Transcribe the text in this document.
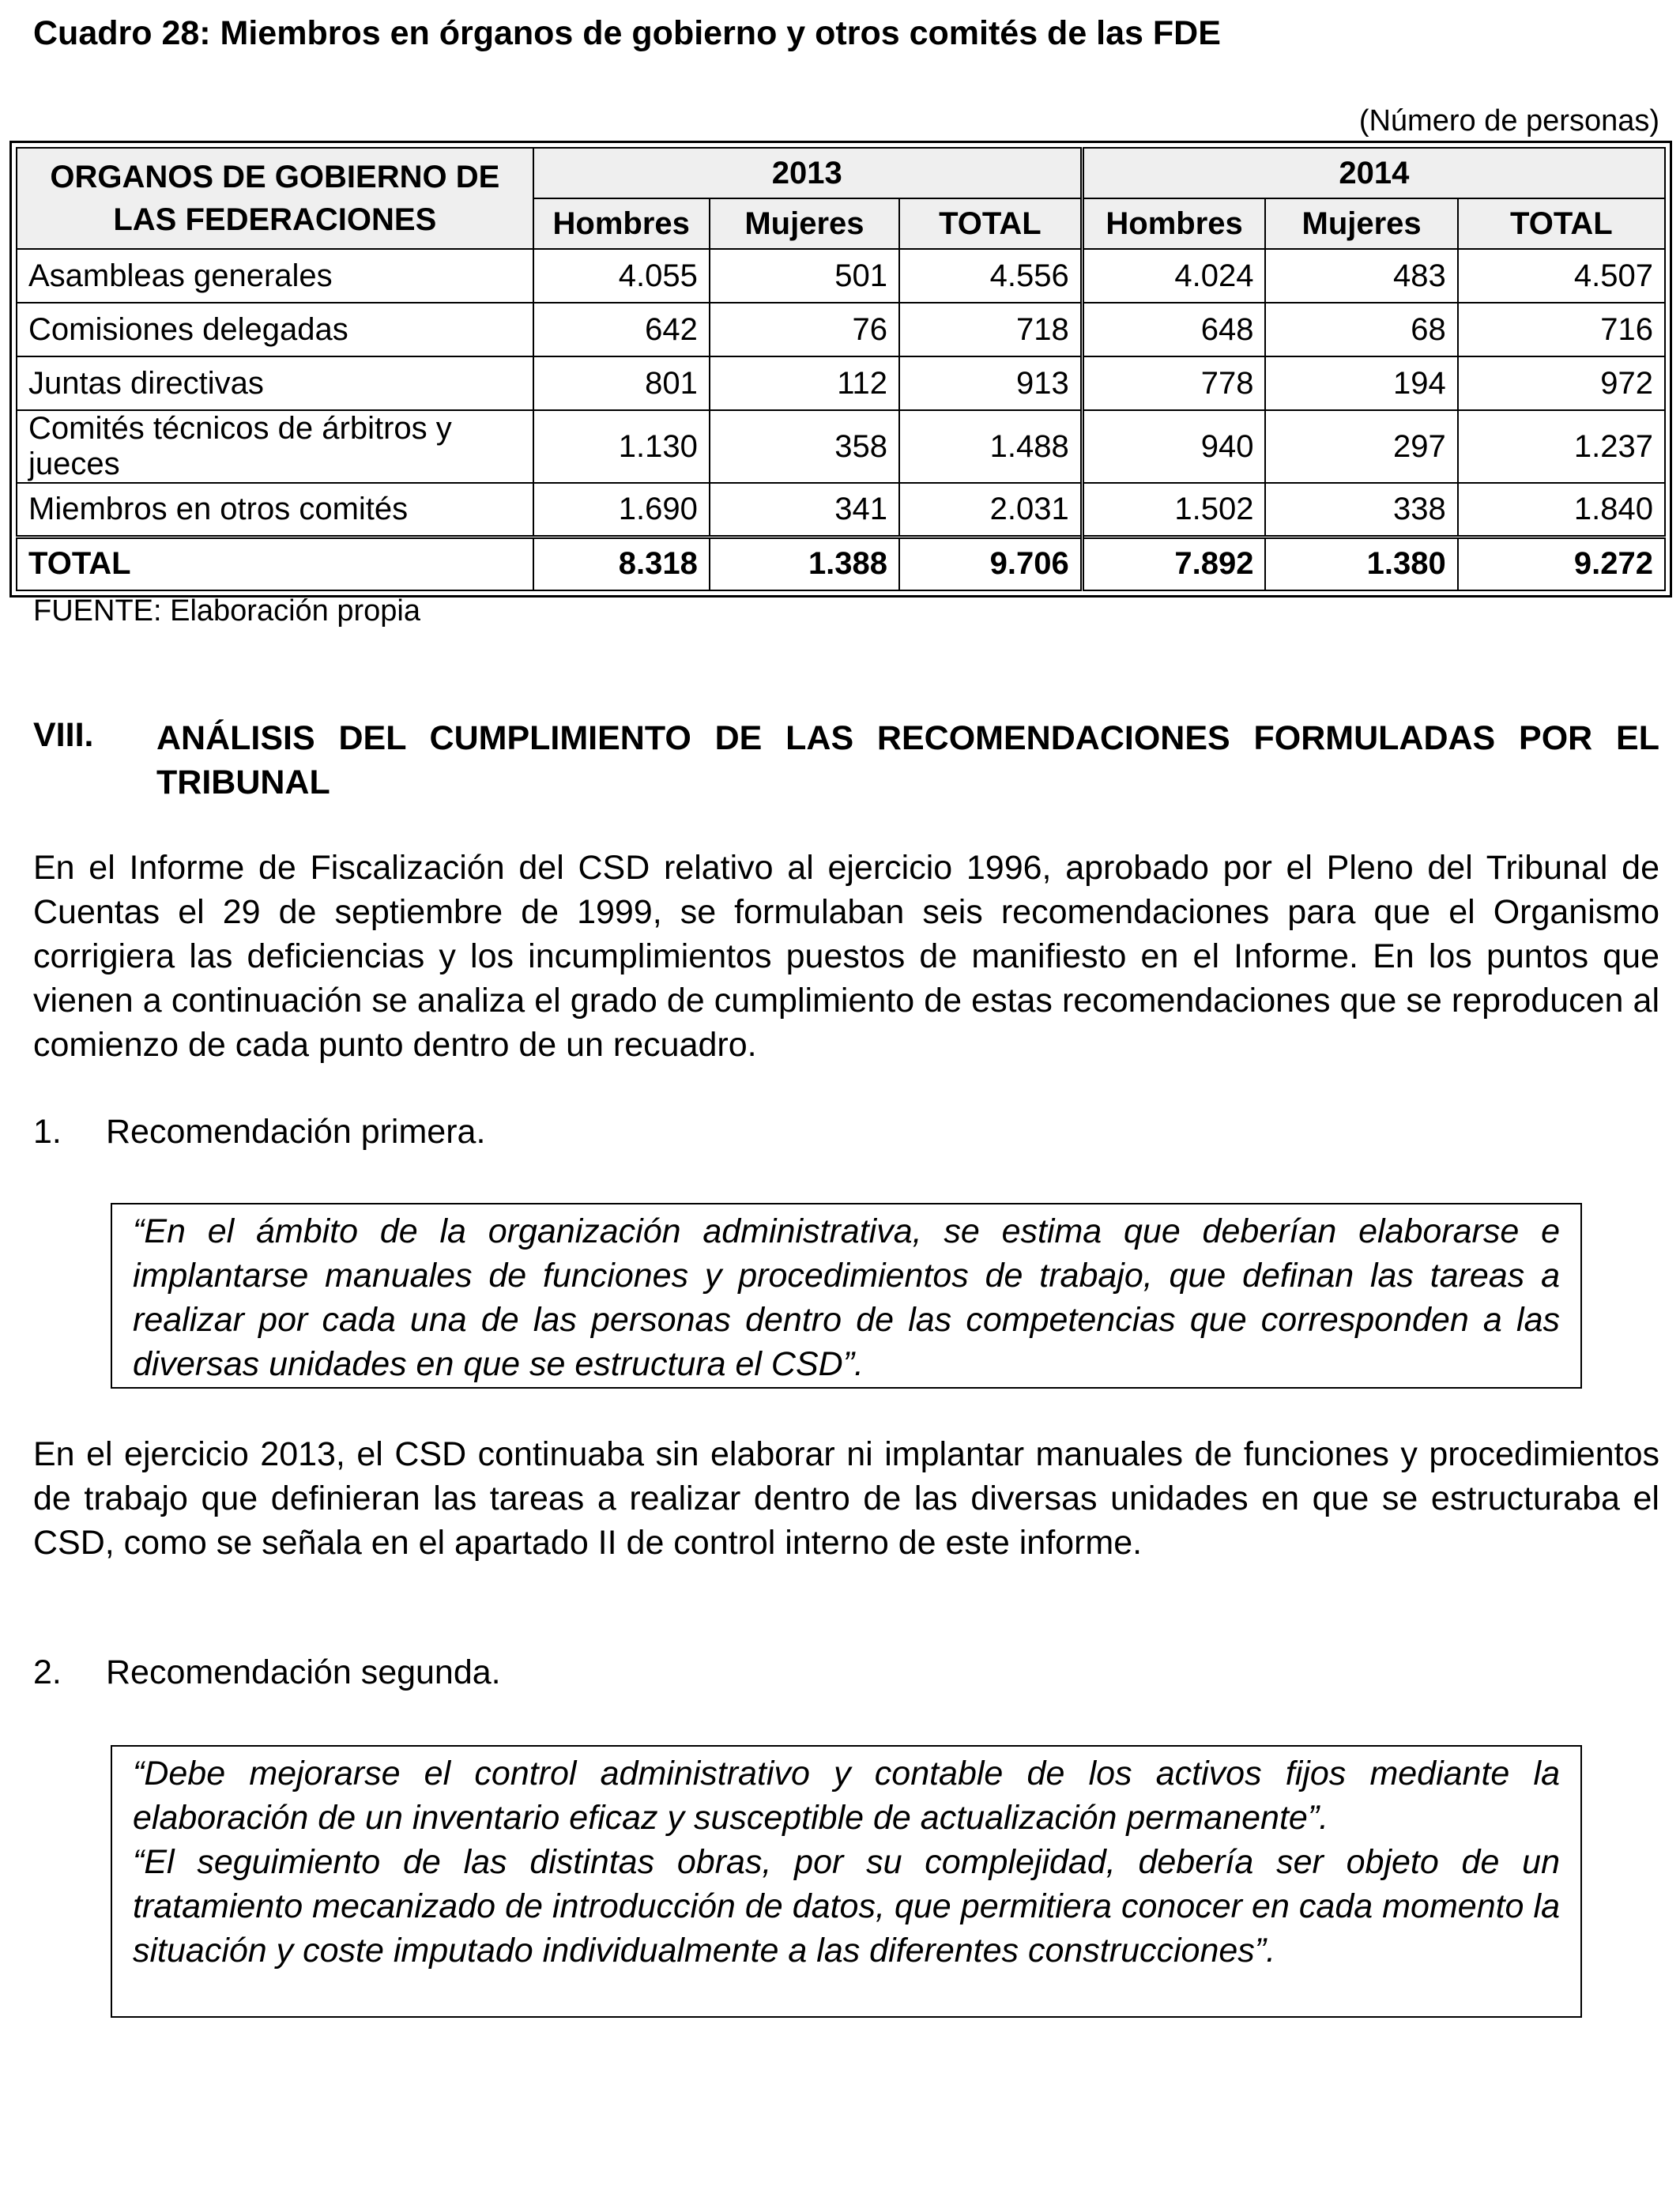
Cuadro 28: Miembros en órganos de gobierno y otros comités de las FDE
(Número de personas)
ORGANOS DE GOBIERNO DE LAS FEDERACIONES	2013			2014		
	Hombres	Mujeres	TOTAL	Hombres	Mujeres	TOTAL
Asambleas generales	4.055	501	4.556	4.024	483	4.507
Comisiones delegadas	642	76	718	648	68	716
Juntas directivas	801	112	913	778	194	972
Comités técnicos de árbitros y jueces	1.130	358	1.488	940	297	1.237
Miembros en otros comités	1.690	341	2.031	1.502	338	1.840
TOTAL	8.318	1.388	9.706	7.892	1.380	9.272
FUENTE: Elaboración propia
VIII. ANÁLISIS DEL CUMPLIMIENTO DE LAS RECOMENDACIONES FORMULADAS POR EL TRIBUNAL
En el Informe de Fiscalización del CSD relativo al ejercicio 1996, aprobado por el Pleno del Tribunal de Cuentas el 29 de septiembre de 1999, se formulaban seis recomendaciones para que el Organismo corrigiera las deficiencias y los incumplimientos puestos de manifiesto en el Informe. En los puntos que vienen a continuación se analiza el grado de cumplimiento de estas recomendaciones que se reproducen al comienzo de cada punto dentro de un recuadro.
1. Recomendación primera.

“En el ámbito de la organización administrativa, se estima que deberían elaborarse e implantarse manuales de funciones y procedimientos de trabajo, que definan las tareas a realizar por cada una de las personas dentro de las competencias que corresponden a las diversas unidades en que se estructura el CSD”.

En el ejercicio 2013, el CSD continuaba sin elaborar ni implantar manuales de funciones y procedimientos de trabajo que definieran las tareas a realizar dentro de las diversas unidades en que se estructuraba el CSD, como se señala en el apartado II de control interno de este informe.
2. Recomendación segunda.

“Debe mejorarse el control administrativo y contable de los activos fijos mediante la elaboración de un inventario eficaz y susceptible de actualización permanente”.

“El seguimiento de las distintas obras, por su complejidad, debería ser objeto de un tratamiento mecanizado de introducción de datos, que permitiera conocer en cada momento la situación y coste imputado individualmente a las diferentes construcciones”.
